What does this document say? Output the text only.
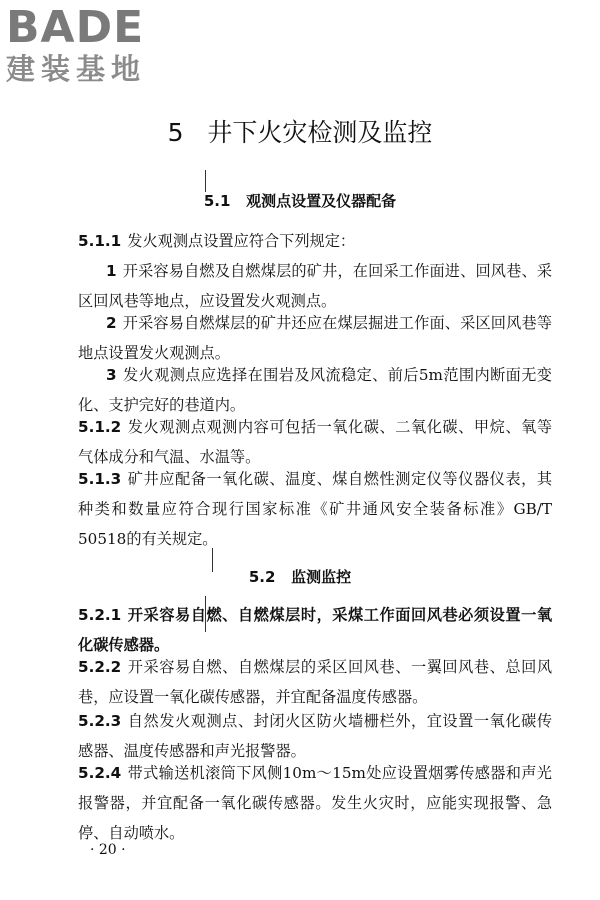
BADE
建装基地
5 井下火灾检测及监控
5.1 观测点设置及仪器配备
5.1.1 发火观测点设置应符合下列规定：
1 开采容易自燃及自燃煤层的矿井，在回采工作面进、回风巷、采区回风巷等地点，应设置发火观测点。
2 开采容易自燃煤层的矿井还应在煤层掘进工作面、采区回风巷等地点设置发火观测点。
3 发火观测点应选择在围岩及风流稳定、前后5m范围内断面无变化、支护完好的巷道内。
5.1.2 发火观测点观测内容可包括一氧化碳、二氧化碳、甲烷、氧等气体成分和气温、水温等。
5.1.3 矿井应配备一氧化碳、温度、煤自燃性测定仪等仪器仪表，其种类和数量应符合现行国家标准《矿井通风安全装备标准》GB/T 50518的有关规定。
5.2 监测监控
5.2.1 开采容易自燃、自燃煤层时，采煤工作面回风巷必须设置一氧化碳传感器。
5.2.2 开采容易自燃、自燃煤层的采区回风巷、一翼回风巷、总回风巷，应设置一氧化碳传感器，并宜配备温度传感器。
5.2.3 自然发火观测点、封闭火区防火墙栅栏外，宜设置一氧化碳传感器、温度传感器和声光报警器。
5.2.4 带式输送机滚筒下风侧10m～15m处应设置烟雾传感器和声光报警器，并宜配备一氧化碳传感器。发生火灾时，应能实现报警、急停、自动喷水。
· 20 ·
